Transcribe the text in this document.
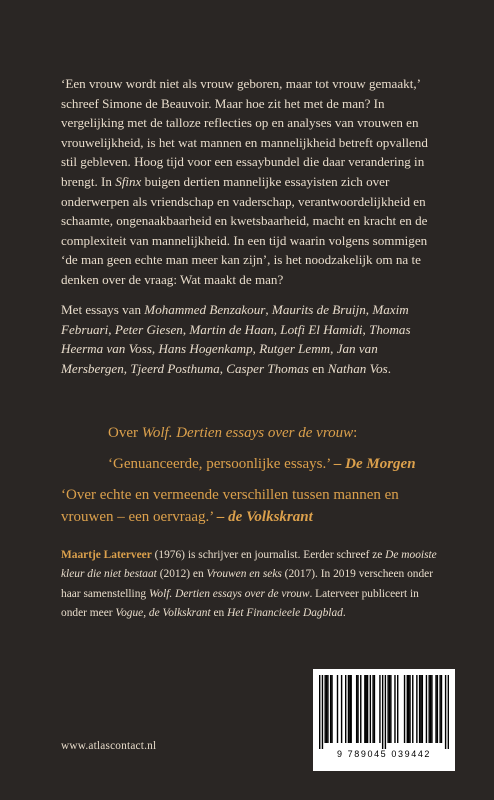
‘Een vrouw wordt niet als vrouw geboren, maar tot vrouw gemaakt,’ schreef Simone de Beauvoir. Maar hoe zit het met de man? In vergelijking met de talloze reflecties op en analyses van vrouwen en vrouwelijkheid, is het wat mannen en mannelijkheid betreft opvallend stil gebleven. Hoog tijd voor een essaybundel die daar verandering in brengt. In Sfinx buigen dertien mannelijke essayisten zich over onderwerpen als vriendschap en vaderschap, verantwoordelijkheid en schaamte, ongenaakbaarheid en kwetsbaarheid, macht en kracht en de complexiteit van mannelijkheid. In een tijd waarin volgens sommigen ‘de man geen echte man meer kan zijn’, is het noodzakelijk om na te denken over de vraag: Wat maakt de man?

Met essays van Mohammed Benzakour, Maurits de Bruijn, Maxim Februari, Peter Giesen, Martin de Haan, Lotfi El Hamidi, Thomas Heerma van Voss, Hans Hogenkamp, Rutger Lemm, Jan van Mersbergen, Tjeerd Posthuma, Casper Thomas en Nathan Vos.

Over Wolf. Dertien essays over de vrouw:

‘Genuanceerde, persoonlijke essays.’ – De Morgen

‘Over echte en vermeende verschillen tussen mannen en vrouwen – een oervraag.’ – de Volkskrant

Maartje Laterveer (1976) is schrijver en journalist. Eerder schreef ze De mooiste kleur die niet bestaat (2012) en Vrouwen en seks (2017). In 2019 verscheen onder haar samenstelling Wolf. Dertien essays over de vrouw. Laterveer publiceert in onder meer Vogue, de Volkskrant en Het Financieele Dagblad.

www.atlascontact.nl
9 789045 039442
